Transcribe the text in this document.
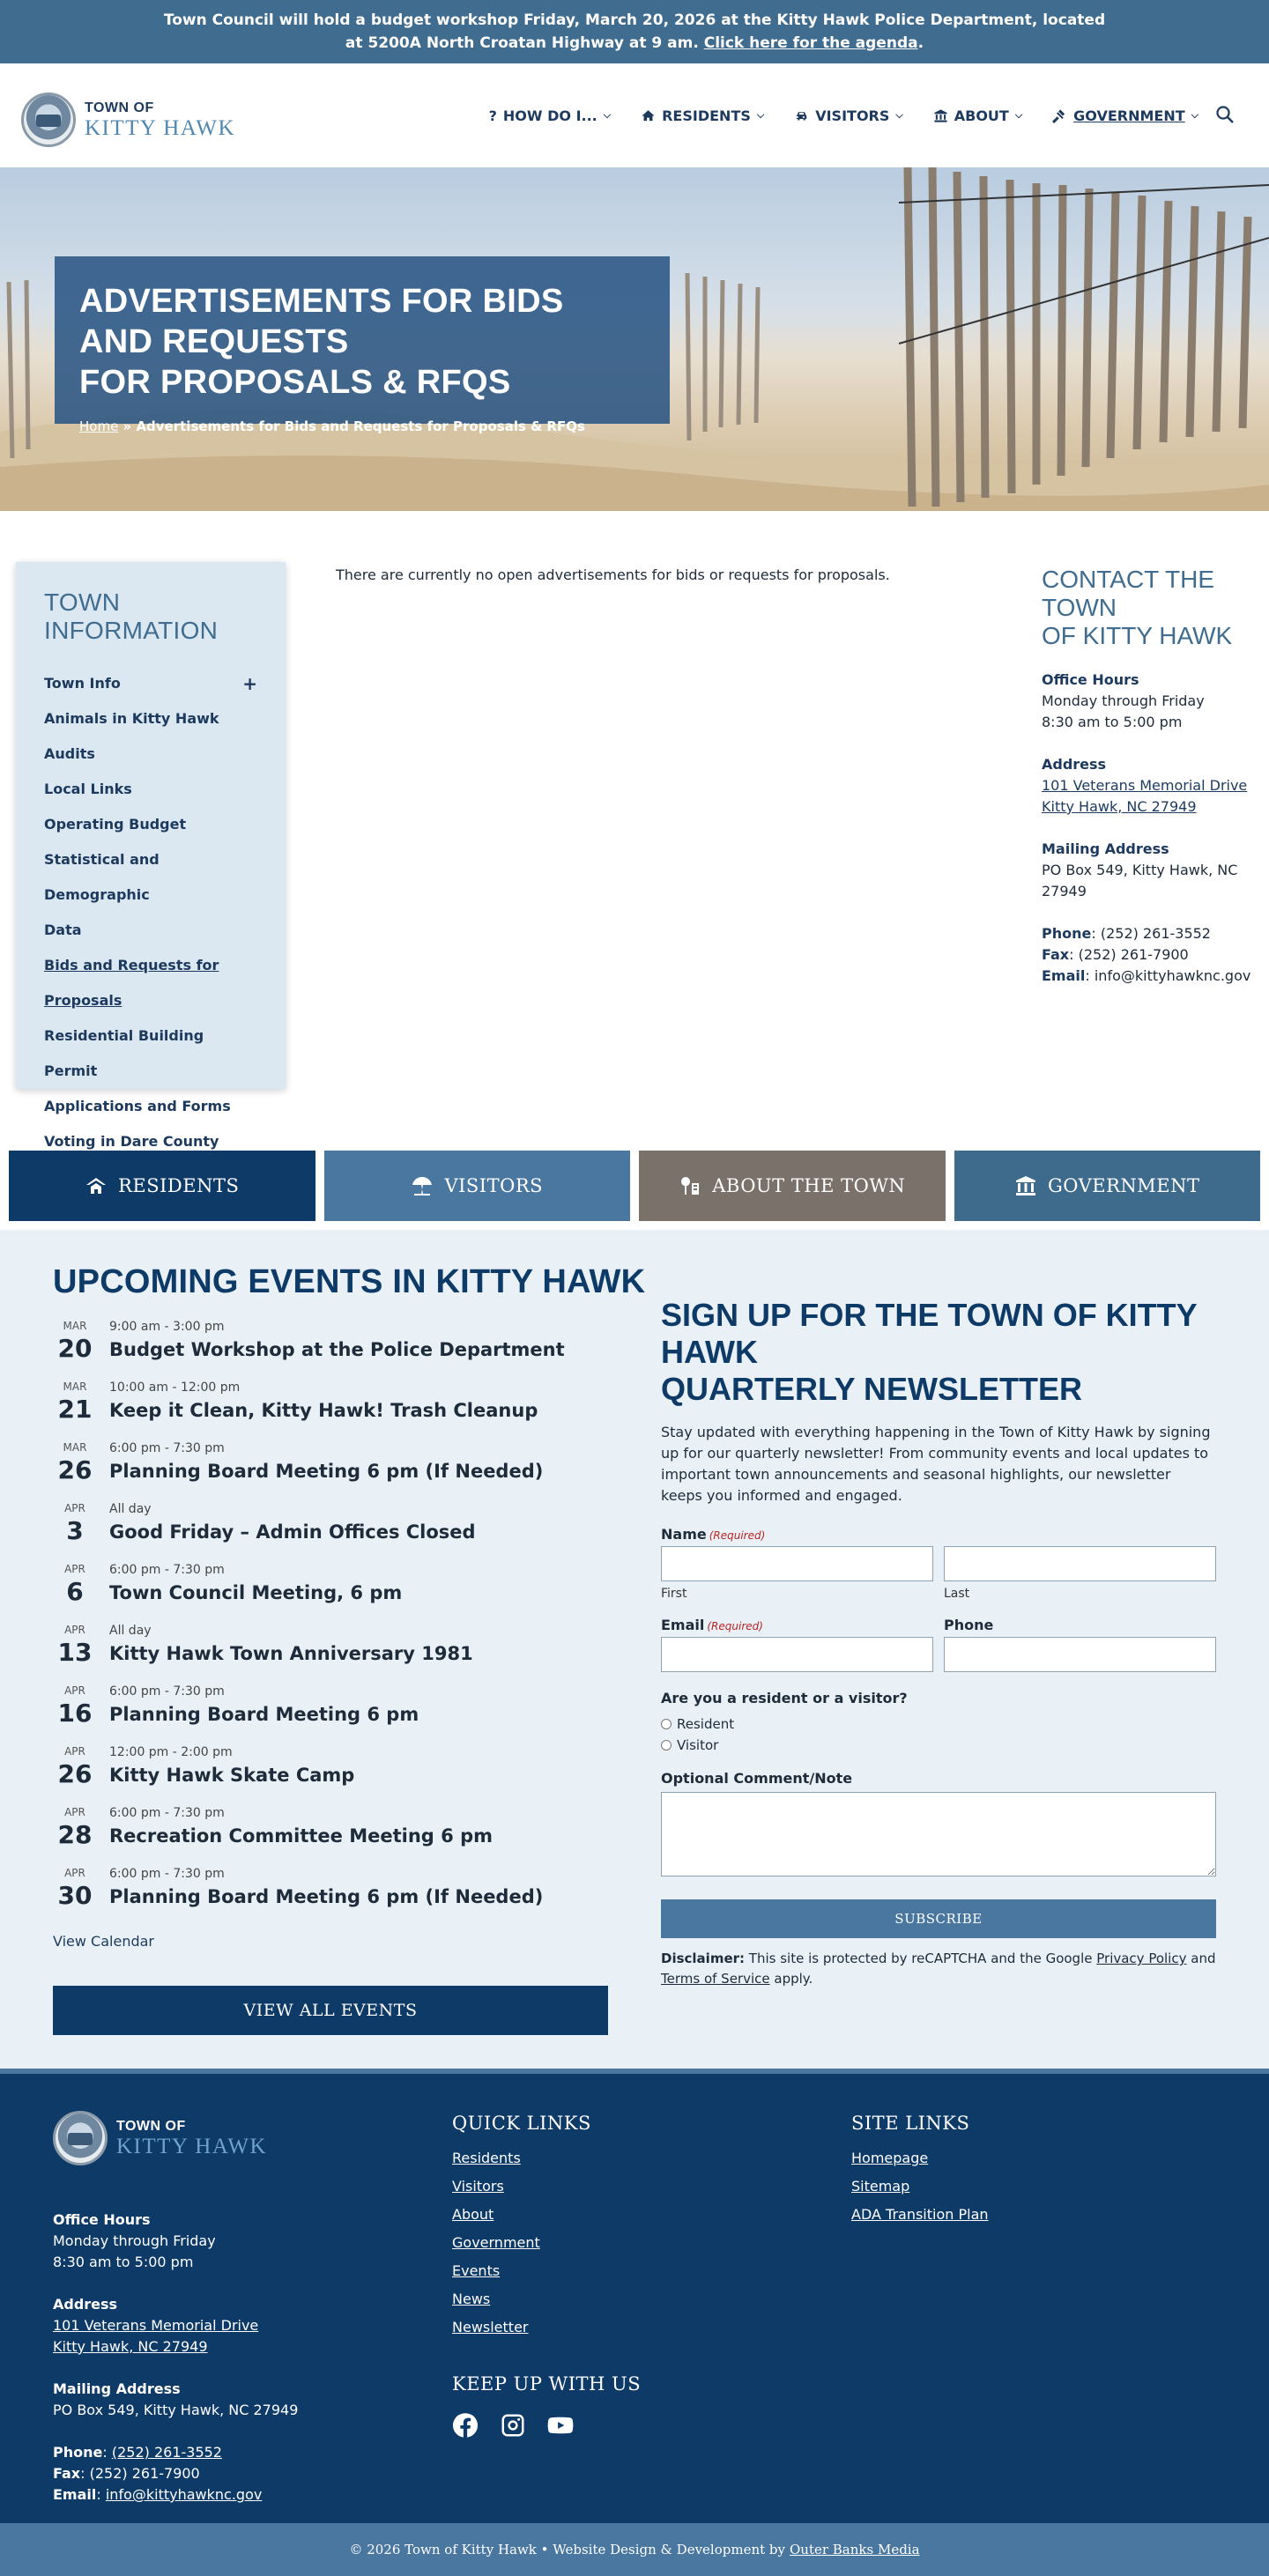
Town Council will hold a budget workshop Friday, March 20, 2026 at the Kitty Hawk Police Department, located
at 5200A North Croatan Highway at 9 am. Click here for the agenda.
TOWN OF
KITTY HAWK
? HOW DO I... ⌵	RESIDENTS ⌵	VISITORS ⌵	ABOUT ⌵	GOVERNMENT ⌵
ADVERTISEMENTS FOR BIDS AND REQUESTS
FOR PROPOSALS & RFQS
Home » Advertisements for Bids and Requests for Proposals & RFQs
TOWN INFORMATION
Town Info	+
Animals in Kitty Hawk
Audits
Local Links
Operating Budget
Statistical and Demographic
Data
Bids and Requests for
Proposals
Residential Building Permit
Applications and Forms
Voting in Dare County

There are currently no open advertisements for bids or requests for proposals.	CONTACT THE TOWN
OF KITTY HAWK
Office Hours
Monday through Friday
8:30 am to 5:00 pm
Address
101 Veterans Memorial Drive
Kitty Hawk, NC 27949
Mailing Address
PO Box 549, Kitty Hawk, NC
27949
Phone: (252) 261-3552
Fax: (252) 261-7900
Email: info@kittyhawknc.gov
RESIDENTS	VISITORS	ABOUT THE TOWN	GOVERNMENT
UPCOMING EVENTS IN KITTY HAWK
MAR
20
9:00 am - 3:00 pm
Budget Workshop at the Police Department
MAR
21
10:00 am - 12:00 pm
Keep it Clean, Kitty Hawk! Trash Cleanup
MAR
26
6:00 pm - 7:30 pm
Planning Board Meeting 6 pm (If Needed)
APR
3
All day
Good Friday – Admin Offices Closed
APR
6
6:00 pm - 7:30 pm
Town Council Meeting, 6 pm
APR
13
All day
Kitty Hawk Town Anniversary 1981
APR
16
6:00 pm - 7:30 pm
Planning Board Meeting 6 pm
APR
26
12:00 pm - 2:00 pm
Kitty Hawk Skate Camp
APR
28
6:00 pm - 7:30 pm
Recreation Committee Meeting 6 pm
APR
30
6:00 pm - 7:30 pm
Planning Board Meeting 6 pm (If Needed)
View Calendar
VIEW ALL EVENTS
SIGN UP FOR THE TOWN OF KITTY HAWK
QUARTERLY NEWSLETTER

Stay updated with everything happening in the Town of Kitty Hawk by signing up for our quarterly newsletter! From community events and local updates to important town announcements and seasonal highlights, our newsletter keeps you informed and engaged.

Name (Required)
First	Last
Email (Required)	Phone
Are you a resident or a visitor?
Resident
Visitor
Optional Comment/Note
SUBSCRIBE

Disclaimer: This site is protected by reCAPTCHA and the Google Privacy Policy and
Terms of Service apply.

TOWN OF
KITTY HAWK
Office Hours
Monday through Friday
8:30 am to 5:00 pm
Address
101 Veterans Memorial Drive
Kitty Hawk, NC 27949
Mailing Address
PO Box 549, Kitty Hawk, NC 27949
Phone: (252) 261-3552
Fax: (252) 261-7900
Email: info@kittyhawknc.gov
QUICK LINKS
Residents
Visitors
About
Government
Events
News
Newsletter
KEEP UP WITH US
SITE LINKS
Homepage
Sitemap
ADA Transition Plan
© 2026 Town of Kitty Hawk • Website Design & Development by Outer Banks Media
